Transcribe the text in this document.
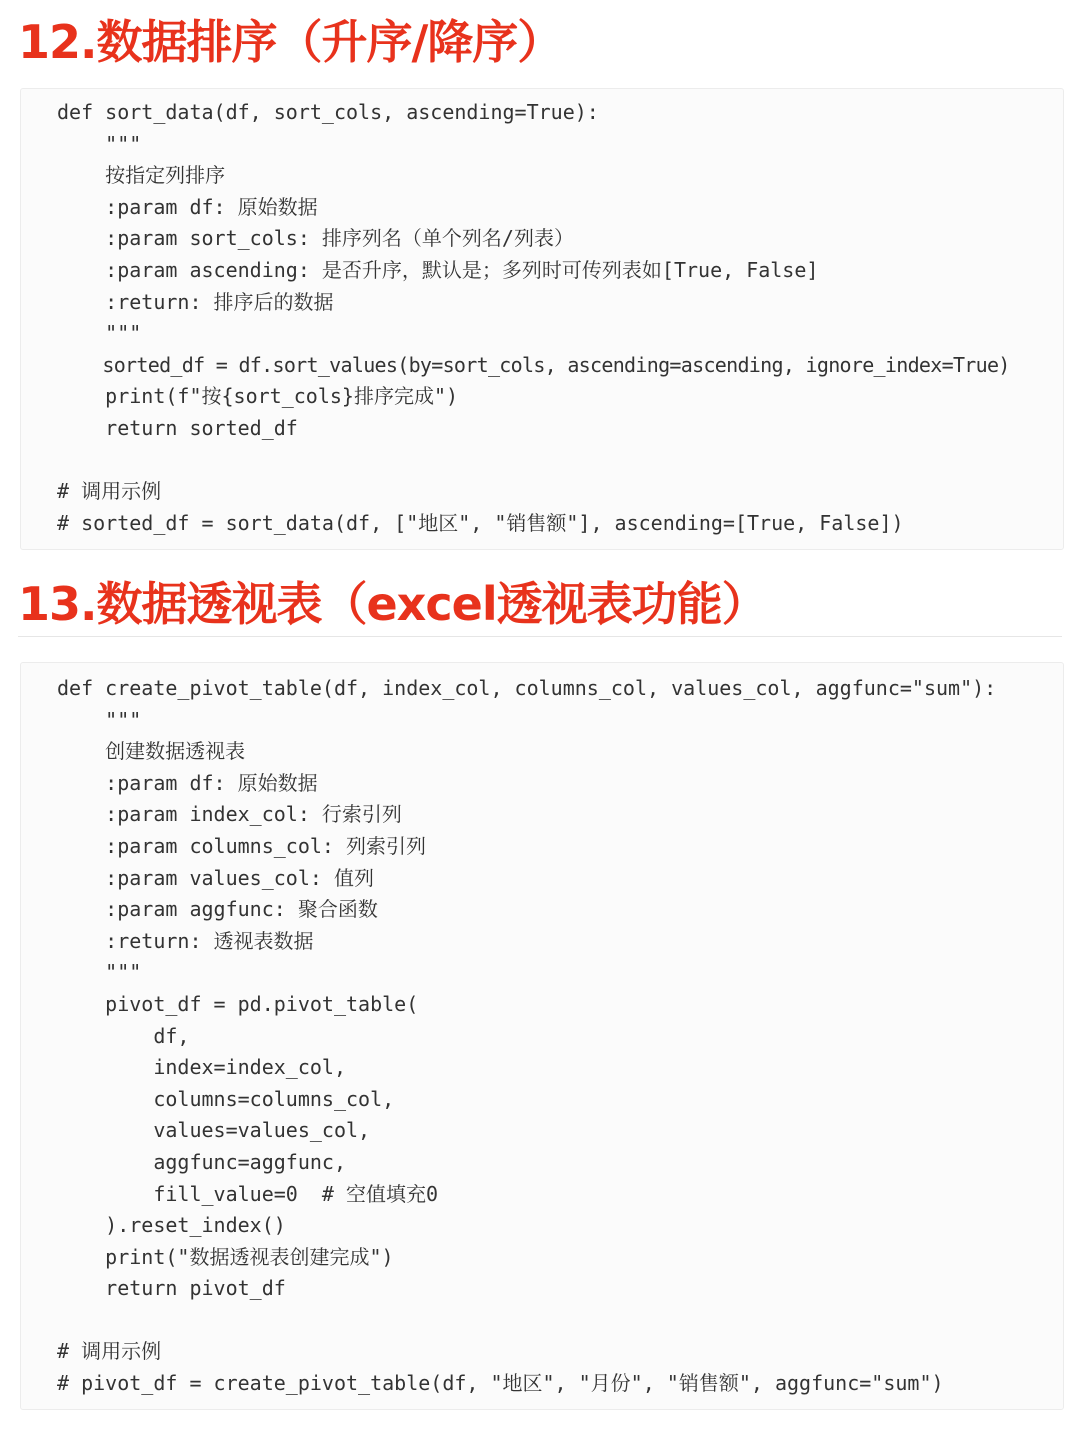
12.数据排序（升序/降序）
def sort_data(df, sort_cols, ascending=True):
"""
按指定列排序
:param df: 原始数据
:param sort_cols: 排序列名（单个列名/列表）
:param ascending: 是否升序，默认是；多列时可传列表如[True, False]
:return: 排序后的数据
"""
sorted_df = df.sort_values(by=sort_cols, ascending=ascending, ignore_index=True)
print(f"按{sort_cols}排序完成")
return sorted_df
# 调用示例
# sorted_df = sort_data(df, ["地区", "销售额"], ascending=[True, False])
13.数据透视表（excel透视表功能）
def create_pivot_table(df, index_col, columns_col, values_col, aggfunc="sum"):
"""
创建数据透视表
:param df: 原始数据
:param index_col: 行索引列
:param columns_col: 列索引列
:param values_col: 值列
:param aggfunc: 聚合函数
:return: 透视表数据
"""
pivot_df = pd.pivot_table(
df,
index=index_col,
columns=columns_col,
values=values_col,
aggfunc=aggfunc,
fill_value=0  # 空值填充0
).reset_index()
print("数据透视表创建完成")
return pivot_df
# 调用示例
# pivot_df = create_pivot_table(df, "地区", "月份", "销售额", aggfunc="sum")
